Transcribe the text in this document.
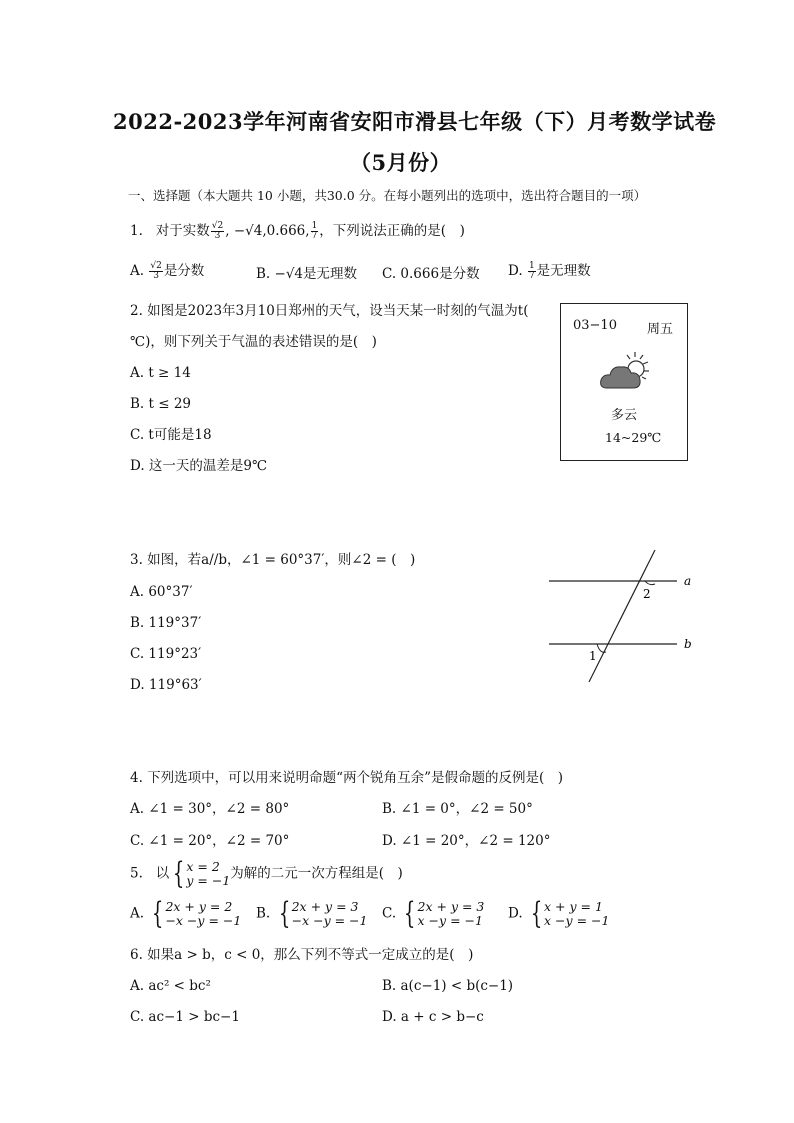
2022-2023学年河南省安阳市滑县七年级（下）月考数学试卷
（5月份）
一、选择题（本大题共 10 小题，共30.0 分。在每小题列出的选项中，选出符合题目的一项）
1. 对于实数 $\frac{√2}{3}$ , −√4,0.666, $\frac{1}{7}$ ，下列说法正确的是(　)
A. $\frac{√2}{3}$ 是分数	B. −√4是无理数 C. 0.666是分数 D. $\frac{1}{7}$ 是无理数
2. 如图是2023年3月10日郑州的天气，设当天某一时刻的气温为t(
℃)，则下列关于气温的表述错误的是(　)
A. t ≥ 14
B. t ≤ 29
C. t可能是18
D. 这一天的温差是9℃
03−10 周五
多云
14~29℃
3. 如图，若a//b，∠1 = 60°37′，则∠2 = (　)
A. 60°37′
B. 119°37′
C. 119°23′
D. 119°63′
a
b
2
1
4. 下列选项中，可以用来说明命题“两个锐角互余”是假命题的反例是(　)
A. ∠1 = 30°，∠2 = 80°	B. ∠1 = 0°，∠2 = 50°
C. ∠1 = 20°，∠2 = 70°	D. ∠1 = 20°，∠2 = 120°
5. 以 { x = 2
y = −1 为解的二元一次方程组是(　)
A. { 2x + y = 2
−x −y = −1 B. { 2x + y = 3
−x −y = −1 C. { 2x + y = 3
x −y = −1 D. { x + y = 1
x −y = −1
6. 如果a > b，c < 0，那么下列不等式一定成立的是(　)
A. ac² < bc²	B. a(c−1) < b(c−1)
C. ac−1 > bc−1	D. a + c > b−c
